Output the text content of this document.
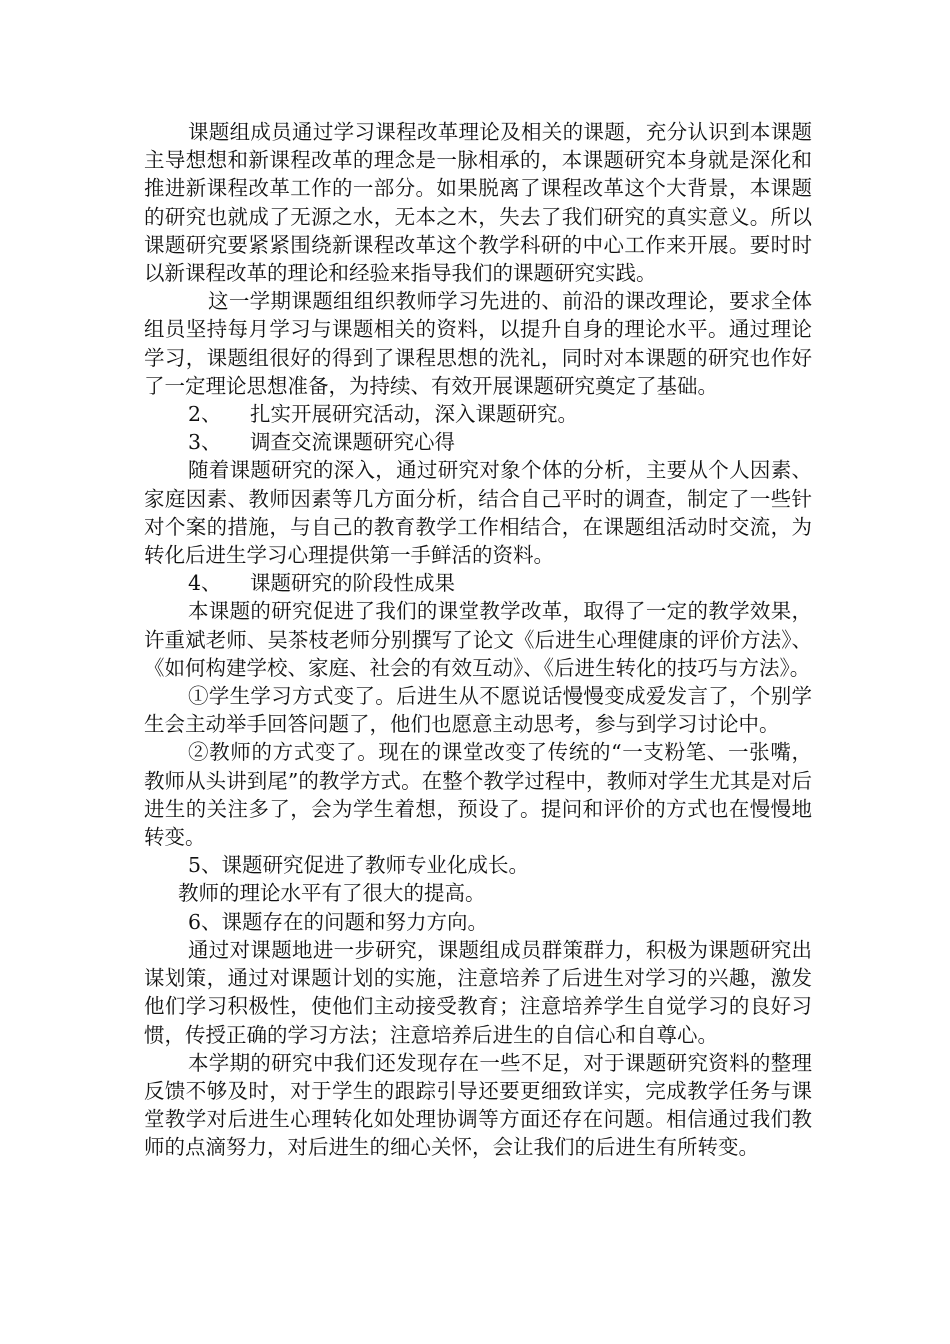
课题组成员通过学习课程改革理论及相关的课题，充分认识到本课题主导想想和新课程改革的理念是一脉相承的，本课题研究本身就是深化和推进新课程改革工作的一部分。如果脱离了课程改革这个大背景，本课题的研究也就成了无源之水，无本之木，失去了我们研究的真实意义。所以课题研究要紧紧围绕新课程改革这个教学科研的中心工作来开展。要时时以新课程改革的理论和经验来指导我们的课题研究实践。

这一学期课题组组织教师学习先进的、前沿的课改理论，要求全体组员坚持每月学习与课题相关的资料，以提升自身的理论水平。通过理论学习，课题组很好的得到了课程思想的洗礼，同时对本课题的研究也作好了一定理论思想准备，为持续、有效开展课题研究奠定了基础。

2、 扎实开展研究活动，深入课题研究。
3、 调查交流课题研究心得

随着课题研究的深入，通过研究对象个体的分析，主要从个人因素、家庭因素、教师因素等几方面分析，结合自己平时的调查，制定了一些针对个案的措施，与自己的教育教学工作相结合，在课题组活动时交流，为转化后进生学习心理提供第一手鲜活的资料。

4、 课题研究的阶段性成果

本课题的研究促进了我们的课堂教学改革，取得了一定的教学效果，许重斌老师、吴茶枝老师分别撰写了论文《后进生心理健康的评价方法》、《如何构建学校、家庭、社会的有效互动》、《后进生转化的技巧与方法》。

①学生学习方式变了。后进生从不愿说话慢慢变成爱发言了，个别学生会主动举手回答问题了，他们也愿意主动思考，参与到学习讨论中。

②教师的方式变了。现在的课堂改变了传统的“一支粉笔、一张嘴，教师从头讲到尾”的教学方式。在整个教学过程中，教师对学生尤其是对后进生的关注多了，会为学生着想，预设了。提问和评价的方式也在慢慢地转变。

5、课题研究促进了教师专业化成长。

教师的理论水平有了很大的提高。

6、课题存在的问题和努力方向。

通过对课题地进一步研究，课题组成员群策群力，积极为课题研究出谋划策，通过对课题计划的实施，注意培养了后进生对学习的兴趣，激发他们学习积极性，使他们主动接受教育；注意培养学生自觉学习的良好习惯，传授正确的学习方法；注意培养后进生的自信心和自尊心。

本学期的研究中我们还发现存在一些不足，对于课题研究资料的整理反馈不够及时，对于学生的跟踪引导还要更细致详实，完成教学任务与课堂教学对后进生心理转化如处理协调等方面还存在问题。相信通过我们教师的点滴努力，对后进生的细心关怀，会让我们的后进生有所转变。
